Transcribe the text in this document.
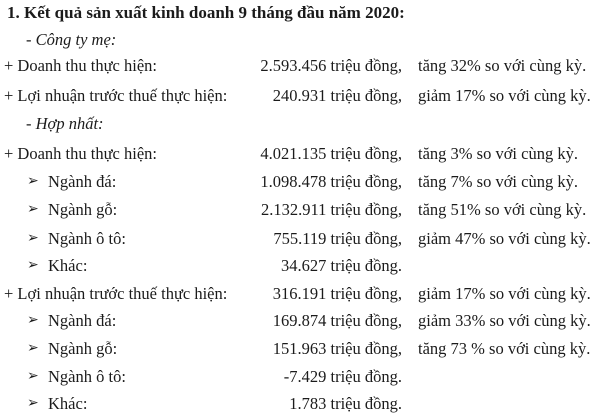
1. Kết quả sản xuất kinh doanh 9 tháng đầu năm 2020:
- Công ty mẹ:
+ Doanh thu thực hiện:	2.593.456 triệu đồng, tăng 32% so với cùng kỳ.
+ Lợi nhuận trước thuế thực hiện:	240.931 triệu đồng, giảm 17% so với cùng kỳ.
- Hợp nhất:
+ Doanh thu thực hiện:	4.021.135 triệu đồng, tăng 3% so với cùng kỳ.
➢ Ngành đá:	1.098.478 triệu đồng, tăng 7% so với cùng kỳ.
➢ Ngành gỗ:	2.132.911 triệu đồng, tăng 51% so với cùng kỳ.
➢ Ngành ô tô:	755.119 triệu đồng, giảm 47% so với cùng kỳ.
➢ Khác:	34.627 triệu đồng.
+ Lợi nhuận trước thuế thực hiện:	316.191 triệu đồng, giảm 17% so với cùng kỳ.
➢ Ngành đá:	169.874 triệu đồng, giảm 33% so với cùng kỳ.
➢ Ngành gỗ:	151.963 triệu đồng, tăng 73 % so với cùng kỳ.
➢ Ngành ô tô:	-7.429 triệu đồng.
➢ Khác:	1.783 triệu đồng.
